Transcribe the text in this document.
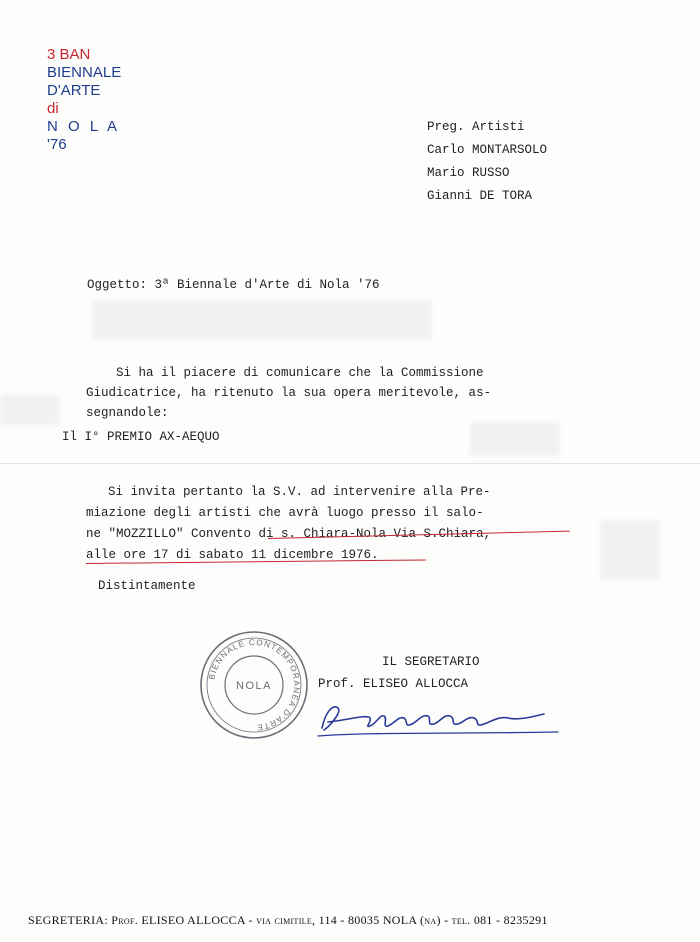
3 BAN
BIENNALE
D'ARTE
di
N O L A
'76
Preg. Artisti
Carlo MONTARSOLO
Mario RUSSO
Gianni DE TORA
Oggetto: 3ª Biennale d'Arte di Nola '76
Si ha il piacere di comunicare che la Commissione
Giudicatrice, ha ritenuto la sua opera meritevole, as-
segnandole:
Il I° PREMIO AX-AEQUO
Si invita pertanto la S.V. ad intervenire alla Pre-
miazione degli artisti che avrà luogo presso il salo-
ne "MOZZILLO" Convento di s. Chiara-Nola Via S.Chiara,
alle ore 17 di sabato 11 dicembre 1976.
Distintamente
BIENNALE CONTEMPORANEA D'ARTE
NOLA
IL SEGRETARIO
Prof. ELISEO ALLOCCA
SEGRETERIA: Prof. ELISEO ALLOCCA - via cimitile, 114 - 80035 NOLA (na) - tel. 081 - 8235291
